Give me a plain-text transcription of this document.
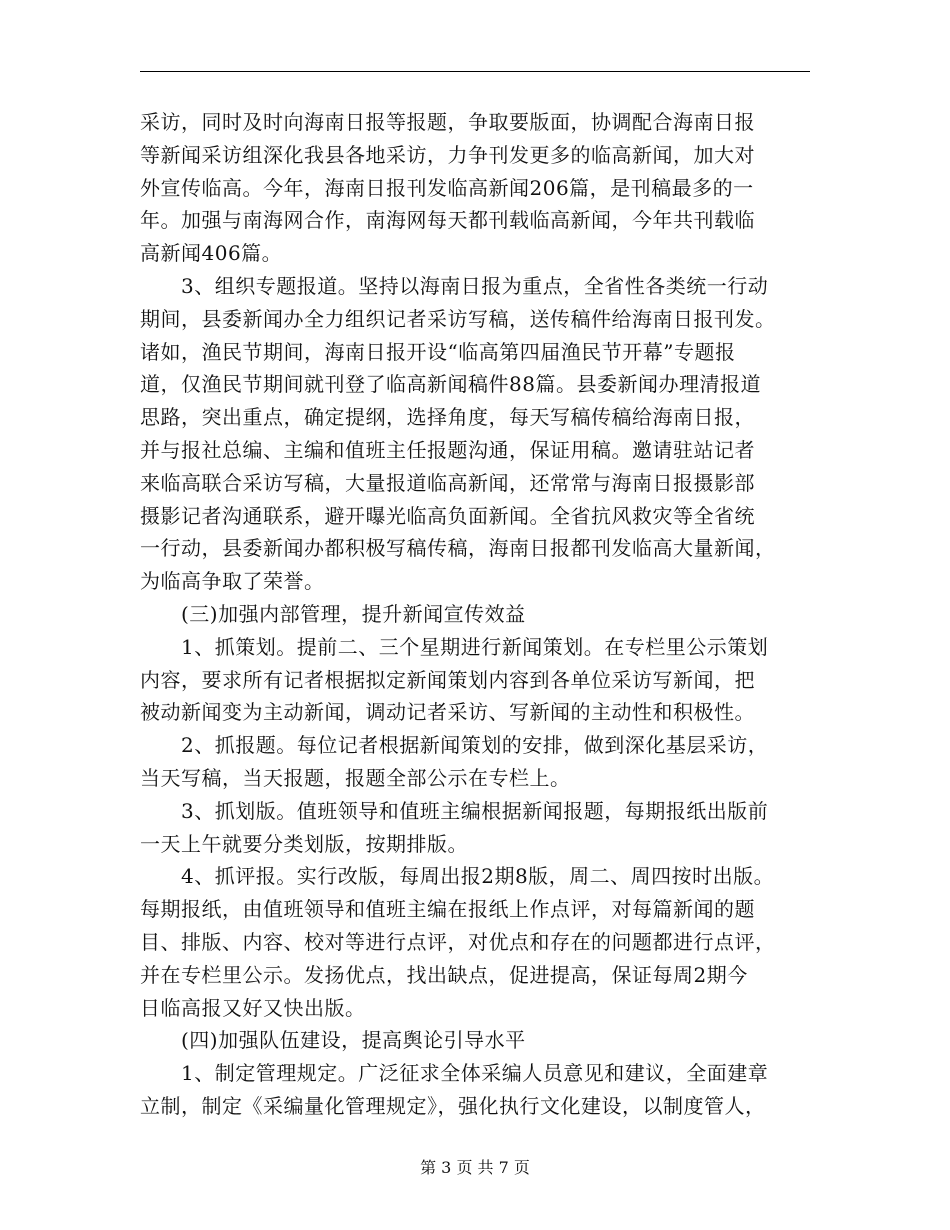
采访，同时及时向海南日报等报题，争取要版面，协调配合海南日报
等新闻采访组深化我县各地采访，力争刊发更多的临高新闻，加大对
外宣传临高。今年，海南日报刊发临高新闻206篇，是刊稿最多的一
年。加强与南海网合作，南海网每天都刊载临高新闻，今年共刊载临
高新闻406篇。
　　3、组织专题报道。坚持以海南日报为重点，全省性各类统一行动
期间，县委新闻办全力组织记者采访写稿，送传稿件给海南日报刊发。
诸如，渔民节期间，海南日报开设“临高第四届渔民节开幕”专题报
道，仅渔民节期间就刊登了临高新闻稿件88篇。县委新闻办理清报道
思路，突出重点，确定提纲，选择角度，每天写稿传稿给海南日报，
并与报社总编、主编和值班主任报题沟通，保证用稿。邀请驻站记者
来临高联合采访写稿，大量报道临高新闻，还常常与海南日报摄影部
摄影记者沟通联系，避开曝光临高负面新闻。全省抗风救灾等全省统
一行动，县委新闻办都积极写稿传稿，海南日报都刊发临高大量新闻，
为临高争取了荣誉。
　　(三)加强内部管理，提升新闻宣传效益
　　1、抓策划。提前二、三个星期进行新闻策划。在专栏里公示策划
内容，要求所有记者根据拟定新闻策划内容到各单位采访写新闻，把
被动新闻变为主动新闻，调动记者采访、写新闻的主动性和积极性。
　　2、抓报题。每位记者根据新闻策划的安排，做到深化基层采访，
当天写稿，当天报题，报题全部公示在专栏上。
　　3、抓划版。值班领导和值班主编根据新闻报题，每期报纸出版前
一天上午就要分类划版，按期排版。
　　4、抓评报。实行改版，每周出报2期8版，周二、周四按时出版。
每期报纸，由值班领导和值班主编在报纸上作点评，对每篇新闻的题
目、排版、内容、校对等进行点评，对优点和存在的问题都进行点评，
并在专栏里公示。发扬优点，找出缺点，促进提高，保证每周2期今
日临高报又好又快出版。
　　(四)加强队伍建设，提高舆论引导水平
　　1、制定管理规定。广泛征求全体采编人员意见和建议，全面建章
立制，制定《采编量化管理规定》，强化执行文化建设，以制度管人，
第 3 页 共 7 页
